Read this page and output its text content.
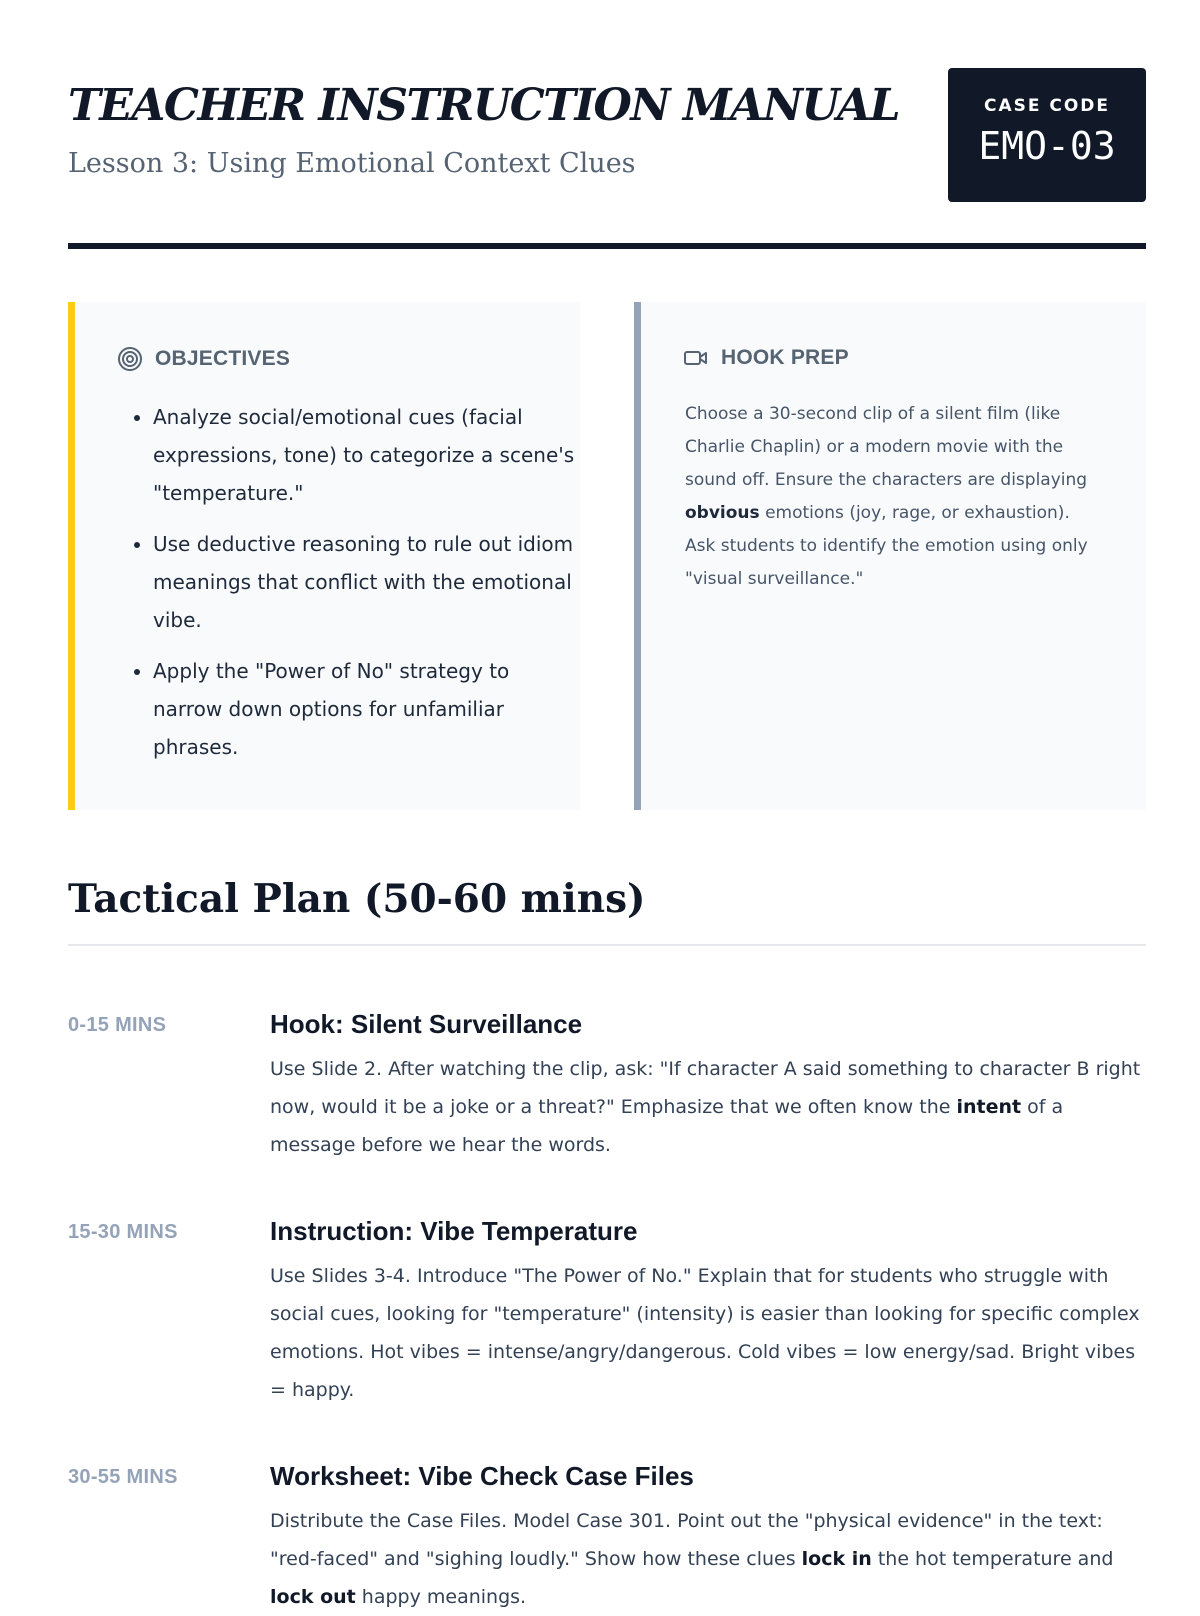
TEACHER INSTRUCTION MANUAL
Lesson 3: Using Emotional Context Clues
CASE CODE
EMO-03
OBJECTIVES
• Analyze social/emotional cues (facial expressions, tone) to categorize a scene's "temperature."
• Use deductive reasoning to rule out idiom meanings that conflict with the emotional vibe.
• Apply the "Power of No" strategy to narrow down options for unfamiliar phrases.
HOOK PREP

Choose a 30-second clip of a silent film (like Charlie Chaplin) or a modern movie with the sound off. Ensure the characters are displaying obvious emotions (joy, rage, or exhaustion). Ask students to identify the emotion using only "visual surveillance."

Tactical Plan (50-60 mins)
0-15 MINS	Hook: Silent Surveillance

Use Slide 2. After watching the clip, ask: "If character A said something to character B right now, would it be a joke or a threat?" Emphasize that we often know the intent of a message before we hear the words.

15-30 MINS	Instruction: Vibe Temperature

Use Slides 3-4. Introduce "The Power of No." Explain that for students who struggle with social cues, looking for "temperature" (intensity) is easier than looking for specific complex emotions. Hot vibes = intense/angry/dangerous. Cold vibes = low energy/sad. Bright vibes = happy.

30-55 MINS	Worksheet: Vibe Check Case Files

Distribute the Case Files. Model Case 301. Point out the "physical evidence" in the text: "red-faced" and "sighing loudly." Show how these clues lock in the hot temperature and lock out happy meanings.
